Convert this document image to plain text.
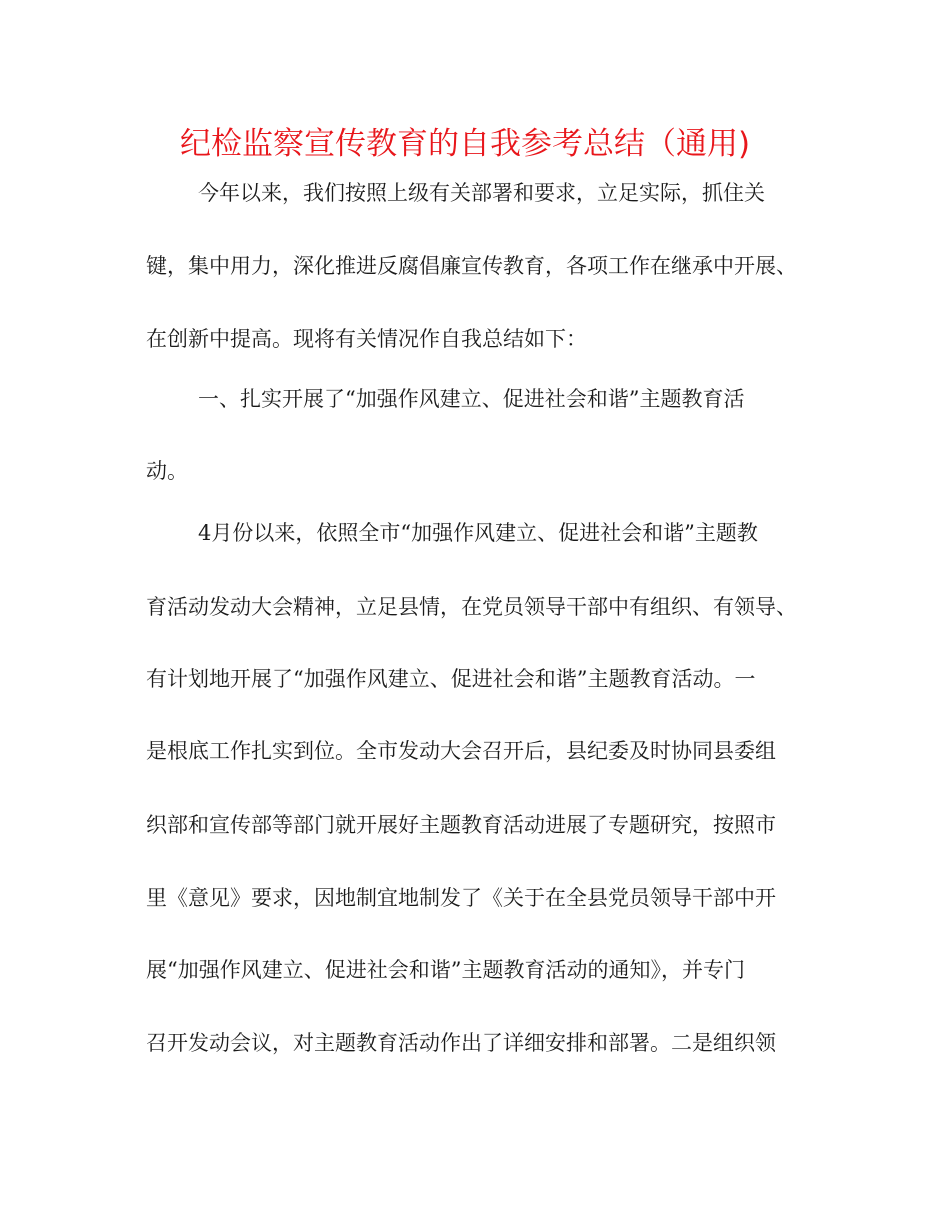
纪检监察宣传教育的自我参考总结（通用)
今年以来，我们按照上级有关部署和要求，立足实际，抓住关
键，集中用力，深化推进反腐倡廉宣传教育，各项工作在继承中开展、
在创新中提高。现将有关情况作自我总结如下：
一、扎实开展了“加强作风建立、促进社会和谐”主题教育活
动。
4月份以来，依照全市“加强作风建立、促进社会和谐”主题教
育活动发动大会精神，立足县情，在党员领导干部中有组织、有领导、
有计划地开展了“加强作风建立、促进社会和谐”主题教育活动。一
是根底工作扎实到位。全市发动大会召开后，县纪委及时协同县委组
织部和宣传部等部门就开展好主题教育活动进展了专题研究，按照市
里《意见》要求，因地制宜地制发了《关于在全县党员领导干部中开
展“加强作风建立、促进社会和谐”主题教育活动的通知》，并专门
召开发动会议，对主题教育活动作出了详细安排和部署。二是组织领
